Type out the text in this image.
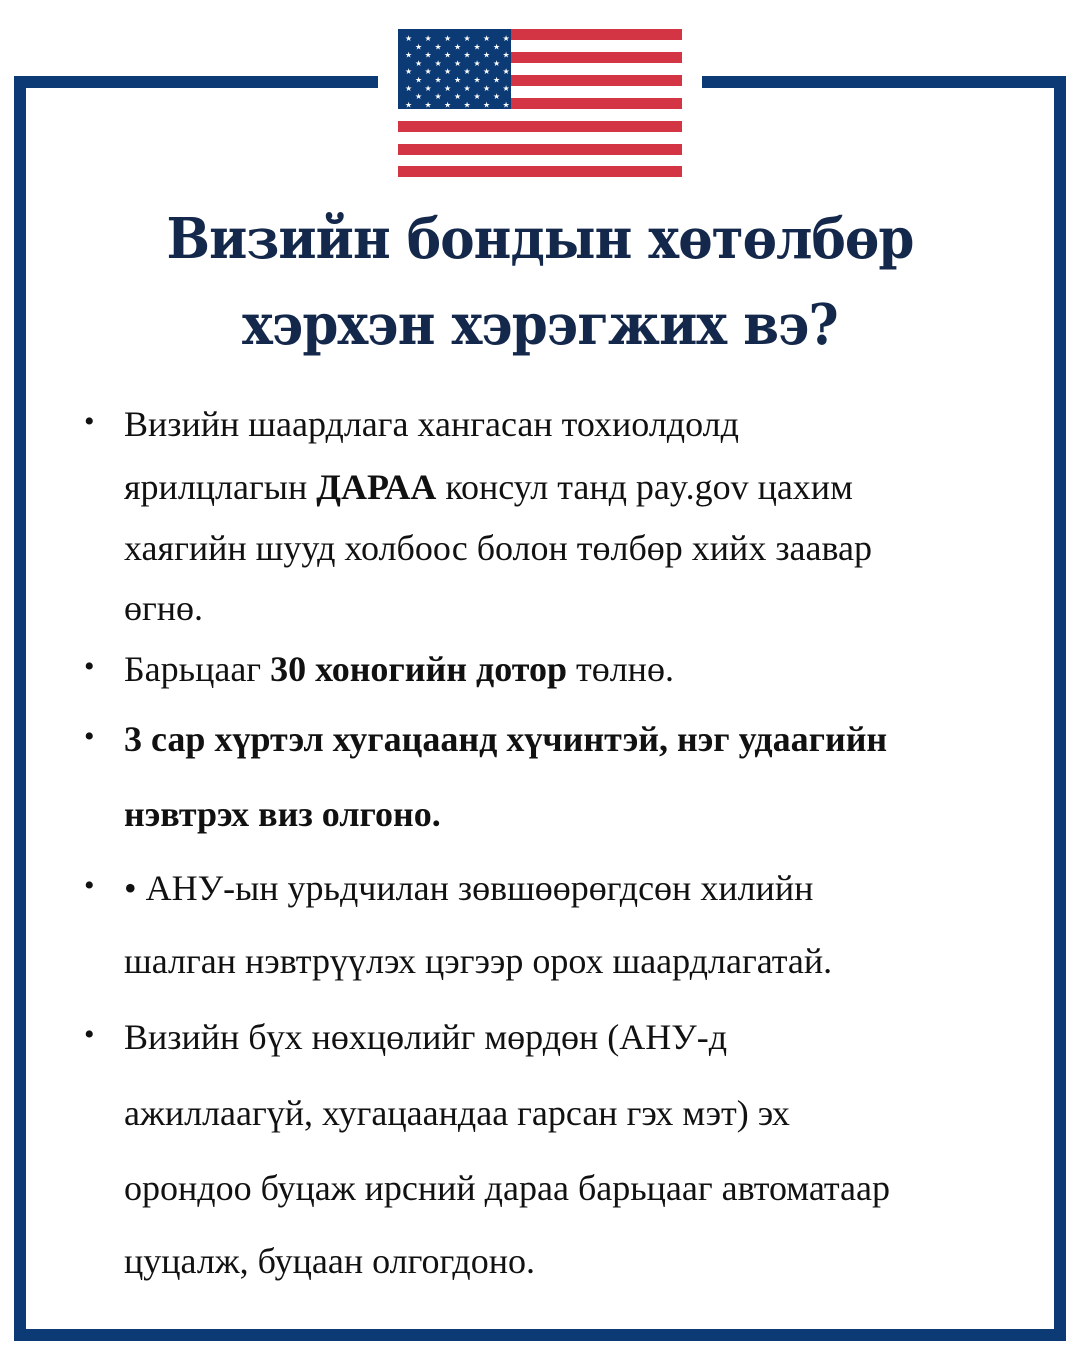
★ ★ ★ ★ ★ ★
★ ★ ★ ★ ★
★ ★ ★ ★ ★ ★
★ ★ ★ ★ ★
★ ★ ★ ★ ★ ★
★ ★ ★ ★ ★
★ ★ ★ ★ ★ ★
★ ★ ★ ★ ★
★ ★ ★ ★ ★ ★
Визийн бондын хөтөлбөр
хэрхэн хэрэгжих вэ?
• Визийн шаардлага хангасан тохиолдолд
ярилцлагын ДАРАА консул танд pay.gov цахим
хаягийн шууд холбоос болон төлбөр хийх заавар
өгнө.
• Барьцааг 30 хоногийн дотор төлнө.
• 3 сар хүртэл хугацаанд хүчинтэй, нэг удаагийн
нэвтрэх виз олгоно.
• • АНУ-ын урьдчилан зөвшөөрөгдсөн хилийн
шалган нэвтрүүлэх цэгээр орох шаардлагатай.
• Визийн бүх нөхцөлийг мөрдөн (АНУ-д
ажиллаагүй, хугацаандаа гарсан гэх мэт) эх
орондоо буцаж ирсний дараа барьцааг автоматаар
цуцалж, буцаан олгогдоно.
